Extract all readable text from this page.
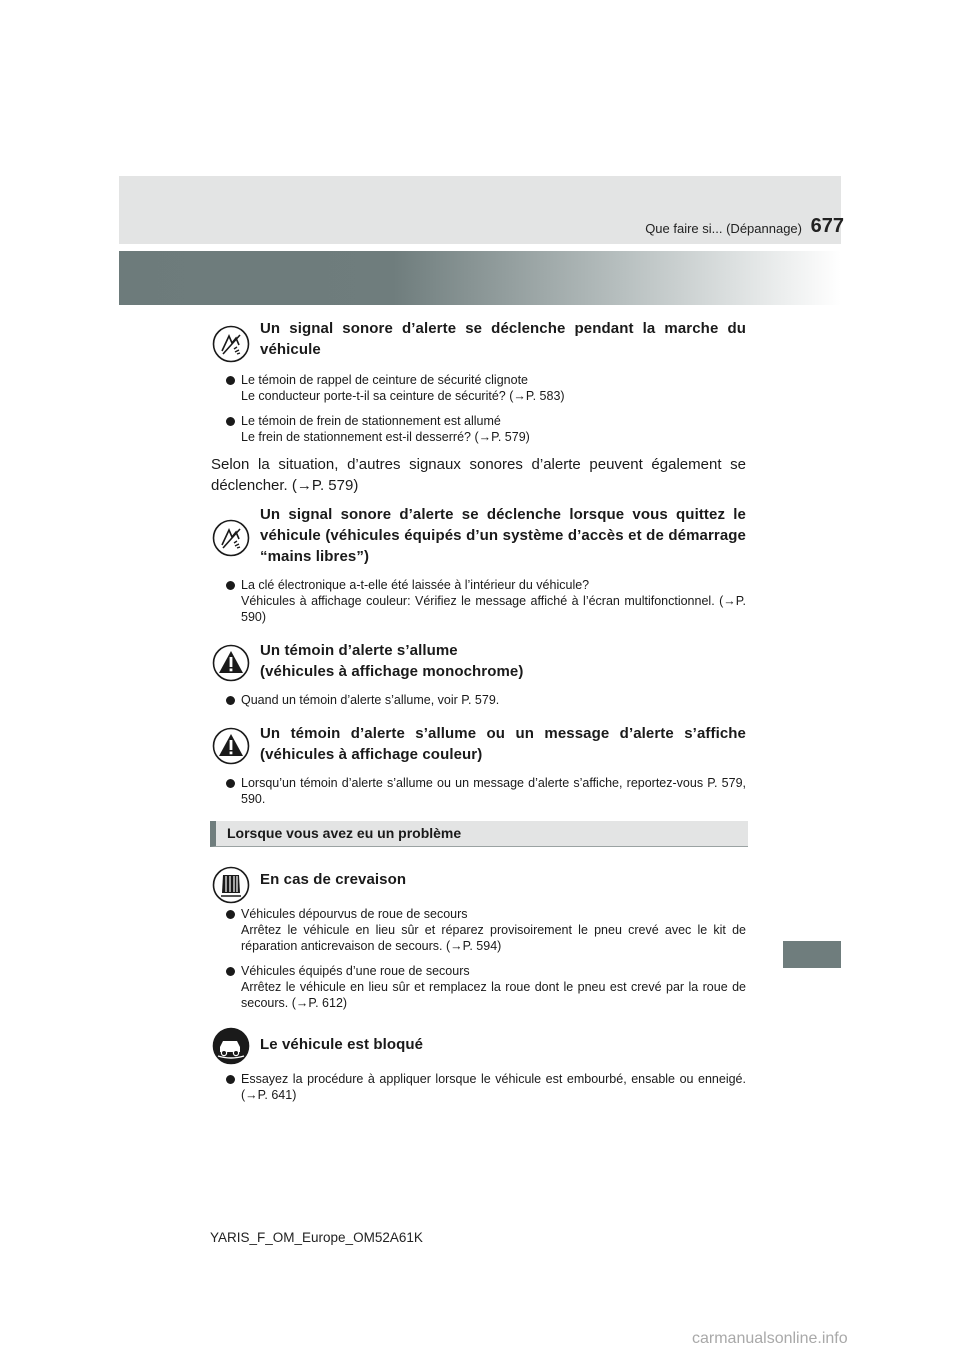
Que faire si... (Dépannage) 677
Un signal sonore d’alerte se déclenche pendant la marche du véhicule
Le témoin de rappel de ceinture de sécurité clignote
Le conducteur porte-t-il sa ceinture de sécurité? (→P. 583)
Le témoin de frein de stationnement est allumé
Le frein de stationnement est-il desserré? (→P. 579)
Selon la situation, d’autres signaux sonores d’alerte peuvent également se déclencher. (→P. 579)
Un signal sonore d’alerte se déclenche lorsque vous quittez le véhicule (véhicules équipés d’un système d’accès et de démarrage “mains libres”)
La clé électronique a-t-elle été laissée à l’intérieur du véhicule?
Véhicules à affichage couleur: Vérifiez le message affiché à l’écran multifonctionnel. (→P. 590)
Un témoin d’alerte s’allume
(véhicules à affichage monochrome)
Quand un témoin d’alerte s’allume, voir P. 579.
Un témoin d’alerte s’allume ou un message d’alerte s’affiche (véhicules à affichage couleur)
Lorsqu’un témoin d’alerte s’allume ou un message d’alerte s’affiche, reportez-vous P. 579, 590.
Lorsque vous avez eu un problème
En cas de crevaison
Véhicules dépourvus de roue de secours
Arrêtez le véhicule en lieu sûr et réparez provisoirement le pneu crevé avec le kit de réparation anticrevaison de secours. (→P. 594)
Véhicules équipés d’une roue de secours
Arrêtez le véhicule en lieu sûr et remplacez la roue dont le pneu est crevé par la roue de secours. (→P. 612)
Le véhicule est bloqué
Essayez la procédure à appliquer lorsque le véhicule est embourbé, ensable ou enneigé. (→P. 641)
YARIS_F_OM_Europe_OM52A61K
carmanualsonline.info
